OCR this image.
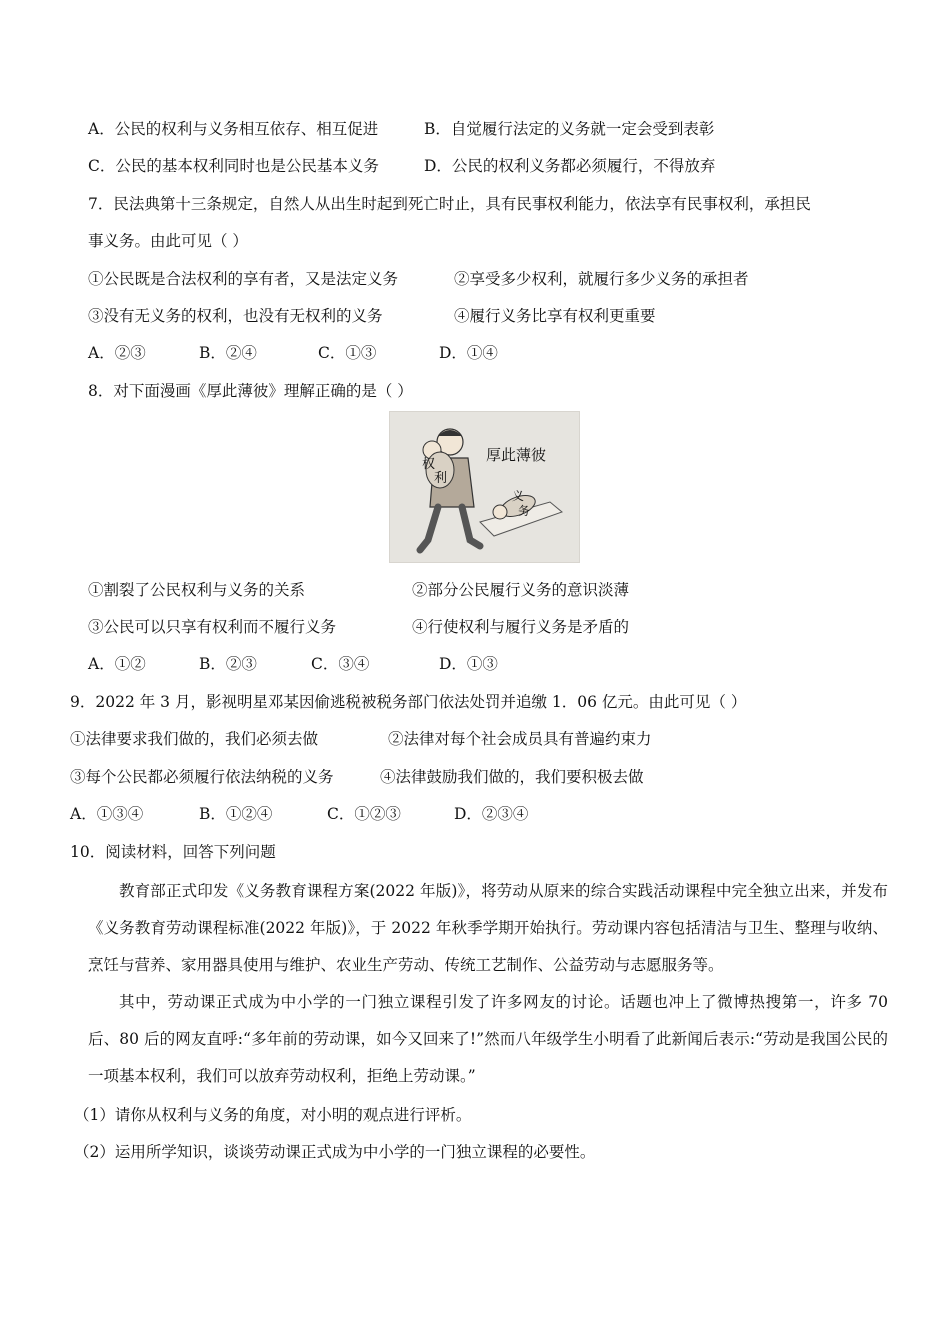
A．公民的权利与义务相互依存、相互促进	B．自觉履行法定的义务就一定会受到表彰
C．公民的基本权利同时也是公民基本义务	D．公民的权利义务都必须履行，不得放弃
7．民法典第十三条规定，自然人从出生时起到死亡时止，具有民事权利能力，依法享有民事权利，承担民
事义务。由此可见（ ）
①公民既是合法权利的享有者，又是法定义务	②享受多少权利，就履行多少义务的承担者
③没有无义务的权利，也没有无权利的义务	④履行义务比享有权利更重要
A．②③	B．②④	C．①③	D．①④
8．对下面漫画《厚此薄彼》理解正确的是（ ）
权
利
厚此薄彼
义
务
①割裂了公民权利与义务的关系	②部分公民履行义务的意识淡薄
③公民可以只享有权利而不履行义务	④行使权利与履行义务是矛盾的
A．①②	B．②③	C．③④	D．①③
9．2022 年 3 月，影视明星邓某因偷逃税被税务部门依法处罚并追缴 1．06 亿元。由此可见（ ）
①法律要求我们做的，我们必须去做	②法律对每个社会成员具有普遍约束力
③每个公民都必须履行依法纳税的义务	④法律鼓励我们做的，我们要积极去做
A．①③④	B．①②④	C．①②③	D．②③④
10．阅读材料，回答下列问题
教育部正式印发《义务教育课程方案(2022 年版)》，将劳动从原来的综合实践活动课程中完全独立出来，并发布《义务教育劳动课程标准(2022 年版)》，于 2022 年秋季学期开始执行。劳动课内容包括清洁与卫生、整理与收纳、烹饪与营养、家用器具使用与维护、农业生产劳动、传统工艺制作、公益劳动与志愿服务等。
其中，劳动课正式成为中小学的一门独立课程引发了许多网友的讨论。话题也冲上了微博热搜第一，许多 70 后、80 后的网友直呼:“多年前的劳动课，如今又回来了!”然而八年级学生小明看了此新闻后表示:“劳动是我国公民的一项基本权利，我们可以放弃劳动权利，拒绝上劳动课。”
（1）请你从权利与义务的角度，对小明的观点进行评析。
（2）运用所学知识，谈谈劳动课正式成为中小学的一门独立课程的必要性。
